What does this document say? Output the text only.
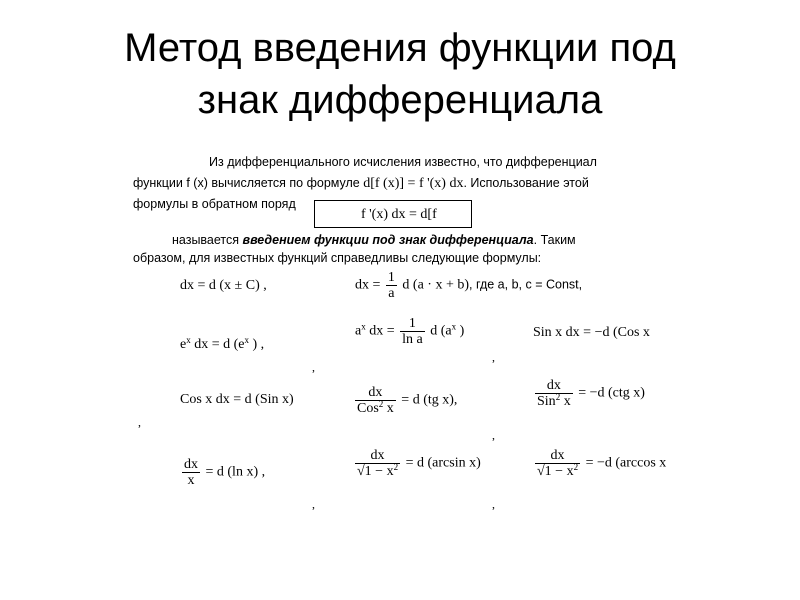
Метод введения функции под
знак дифференциала
Из дифференциального исчисления известно, что дифференциал
функции f (x) вычисляется по формуле d[f (x)] = f '(x) dx. Использование этой
формулы в обратном поряд
f '(x) dx = d[f
называется введением функции под знак дифференциала. Таким
образом, для известных функций справедливы следующие формулы:
dx = d (x ± C) ,	dx = $\frac{1}{a}$ d (a · x + b), где a, b, c = Const,
$e^x$ dx = d ($e^x$ ) ,
$a^x$ dx = $\frac{1}{\text{ln a}}$ d ($a^x$ )	Sin x dx = −d (Cos x
,
,
Cos x dx = d (Sin x)	$\frac{dx}{Cos^2 x} = d$ (tg x),	$\frac{dx}{Sin^2 x} = -d$ (ctg x)
,
,
$\frac{dx}{x} = d$ (ln x) ,	$\frac{dx}{√1 - x^2} = d$ (arcsin x)	$\frac{dx}{√1 - x^2} = -d$ (arccos x
,	,
